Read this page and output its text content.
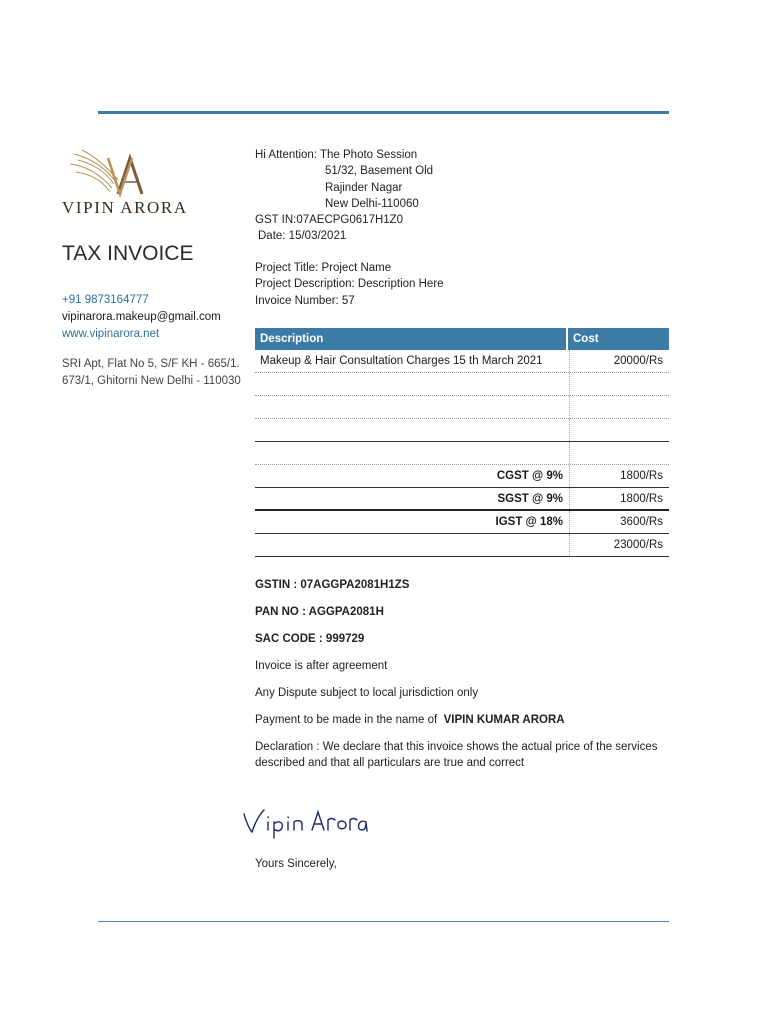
VIPIN ARORA
TAX INVOICE
+91 9873164777
vipinarora.makeup@gmail.com
www.vipinarora.net
SRI Apt, Flat No 5, S/F KH - 665/1. 673/1, Ghitorni New Delhi - 110030
Hi Attention: The Photo Session
51/32, Basement Old
Rajinder Nagar
New Delhi-110060
GST IN:07AECPG0617H1Z0
Date: 15/03/2021
Project Title: Project Name
Project Description: Description Here
Invoice Number: 57
Description	Cost
Makeup & Hair Consultation Charges 15 th March 2021	20000/Rs
CGST @ 9%	1800/Rs
SGST @ 9%	1800/Rs
IGST @ 18%	3600/Rs
23000/Rs
GSTIN : 07AGGPA2081H1ZS
PAN NO : AGGPA2081H
SAC CODE : 999729
Invoice is after agreement
Any Dispute subject to local jurisdiction only
Payment to be made in the name of VIPIN KUMAR ARORA
Declaration : We declare that this invoice shows the actual price of the services described and that all particulars are true and correct
Yours Sincerely,
